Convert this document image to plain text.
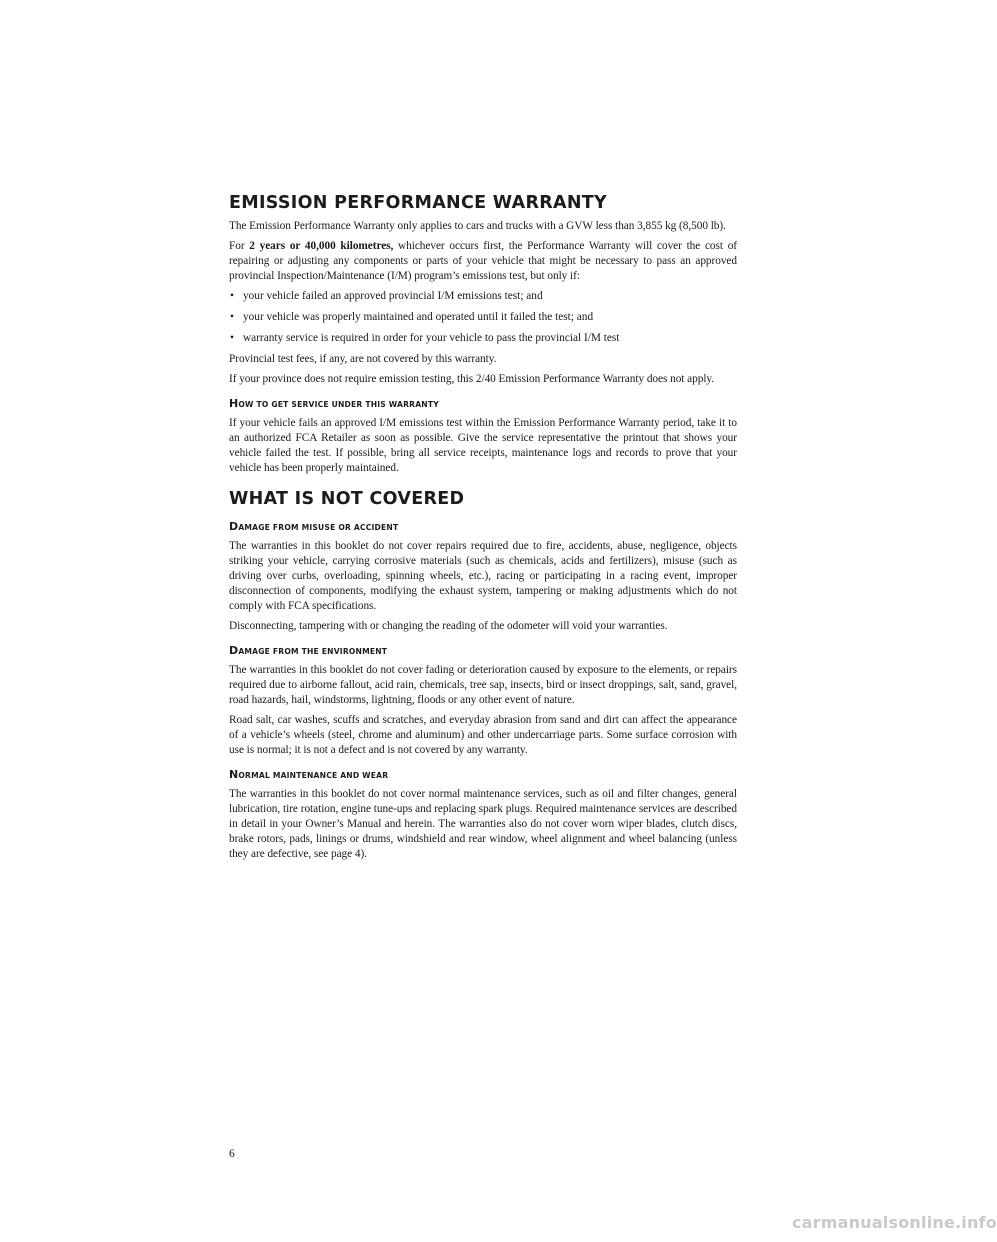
EMISSION PERFORMANCE WARRANTY

The Emission Performance Warranty only applies to cars and trucks with a GVW less than 3,855 kg (8,500 lb).

For 2 years or 40,000 kilometres, whichever occurs first, the Performance Warranty will cover the cost of repairing or adjusting any components or parts of your vehicle that might be necessary to pass an approved provincial Inspection/Maintenance (I/M) program’s emissions test, but only if:

• your vehicle failed an approved provincial I/M emissions test; and
• your vehicle was properly maintained and operated until it failed the test; and
• warranty service is required in order for your vehicle to pass the provincial I/M test

Provincial test fees, if any, are not covered by this warranty.

If your province does not require emission testing, this 2/40 Emission Performance Warranty does not apply.

HOW TO GET SERVICE UNDER THIS WARRANTY

If your vehicle fails an approved I/M emissions test within the Emission Performance Warranty period, take it to an authorized FCA Retailer as soon as possible. Give the service representative the printout that shows your vehicle failed the test. If possible, bring all service receipts, maintenance logs and records to prove that your vehicle has been properly maintained.

WHAT IS NOT COVERED
DAMAGE FROM MISUSE OR ACCIDENT

The warranties in this booklet do not cover repairs required due to fire, accidents, abuse, negligence, objects striking your vehicle, carrying corrosive materials (such as chemicals, acids and fertilizers), misuse (such as driving over curbs, overloading, spinning wheels, etc.), racing or participating in a racing event, improper disconnection of components, modifying the exhaust system, tampering or making adjustments which do not comply with FCA specifications.

Disconnecting, tampering with or changing the reading of the odometer will void your warranties.

DAMAGE FROM THE ENVIRONMENT

The warranties in this booklet do not cover fading or deterioration caused by exposure to the elements, or repairs required due to airborne fallout, acid rain, chemicals, tree sap, insects, bird or insect droppings, salt, sand, gravel, road hazards, hail, windstorms, lightning, floods or any other event of nature.

Road salt, car washes, scuffs and scratches, and everyday abrasion from sand and dirt can affect the appearance of a vehicle’s wheels (steel, chrome and aluminum) and other undercarriage parts. Some surface corrosion with use is normal; it is not a defect and is not covered by any warranty.

NORMAL MAINTENANCE AND WEAR

The warranties in this booklet do not cover normal maintenance services, such as oil and filter changes, general lubrication, tire rotation, engine tune-ups and replacing spark plugs. Required maintenance services are described in detail in your Owner’s Manual and herein. The warranties also do not cover worn wiper blades, clutch discs, brake rotors, pads, linings or drums, windshield and rear window, wheel alignment and wheel balancing (unless they are defective, see page 4).

6
carmanualsonline.info
